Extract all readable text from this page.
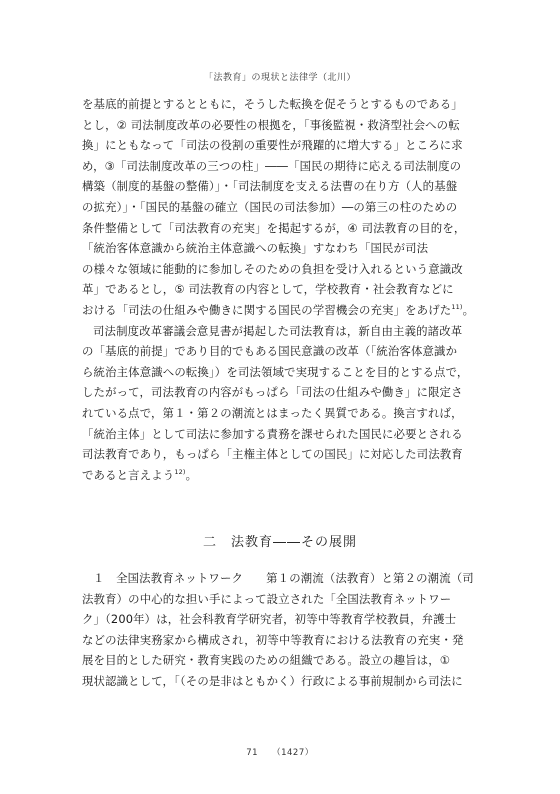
「法教育」の現状と法律学（北川）
を基底的前提とするとともに，そうした転換を促そうとするものである」
とし，② 司法制度改革の必要性の根拠を，「事後監視・救済型社会への転
換」にともなって「司法の役割の重要性が飛躍的に増大する」ところに求
め，③「司法制度改革の三つの柱」――「国民の期待に応える司法制度の
構築（制度的基盤の整備）」・「司法制度を支える法曹の在り方（人的基盤
の拡充）」・「国民的基盤の確立（国民の司法参加）―の第三の柱のための
条件整備として「司法教育の充実」を掲起するが，④ 司法教育の目的を，
「統治客体意識から統治主体意識への転換」すなわち「国民が司法
の様々な領域に能動的に参加しそのための負担を受け入れるという意識改
革」であるとし，⑤ 司法教育の内容として，学校教育・社会教育などに
おける「司法の仕組みや働きに関する国民の学習機会の充実」をあげた$^{11)}$。
司法制度改革審議会意見書が掲起した司法教育は，新自由主義的諸改革
の「基底的前提」であり目的でもある国民意識の改革（「統治客体意識か
ら統治主体意識への転換」）を司法領域で実現することを目的とする点で，
したがって，司法教育の内容がもっぱら「司法の仕組みや働き」に限定さ
れている点で，第１・第２の潮流とはまったく異質である。換言すれば，
「統治主体」として司法に参加する責務を課せられた国民に必要とされる
司法教育であり，もっぱら「主権主体としての国民」に対応した司法教育
であると言えよう$^{12)}$。
二 法教育――その展開
１　全国法教育ネットワーク　　第１の潮流（法教育）と第２の潮流（司
法教育）の中心的な担い手によって設立された「全国法教育ネットワー
ク」（200年）は，社会科教育学研究者，初等中等教育学校教員，弁護士
などの法律実務家から構成され，初等中等教育における法教育の充実・発
展を目的とした研究・教育実践のための組織である。設立の趣旨は，①
現状認識として，「（その是非はともかく）行政による事前規制から司法に
71 （1427）
